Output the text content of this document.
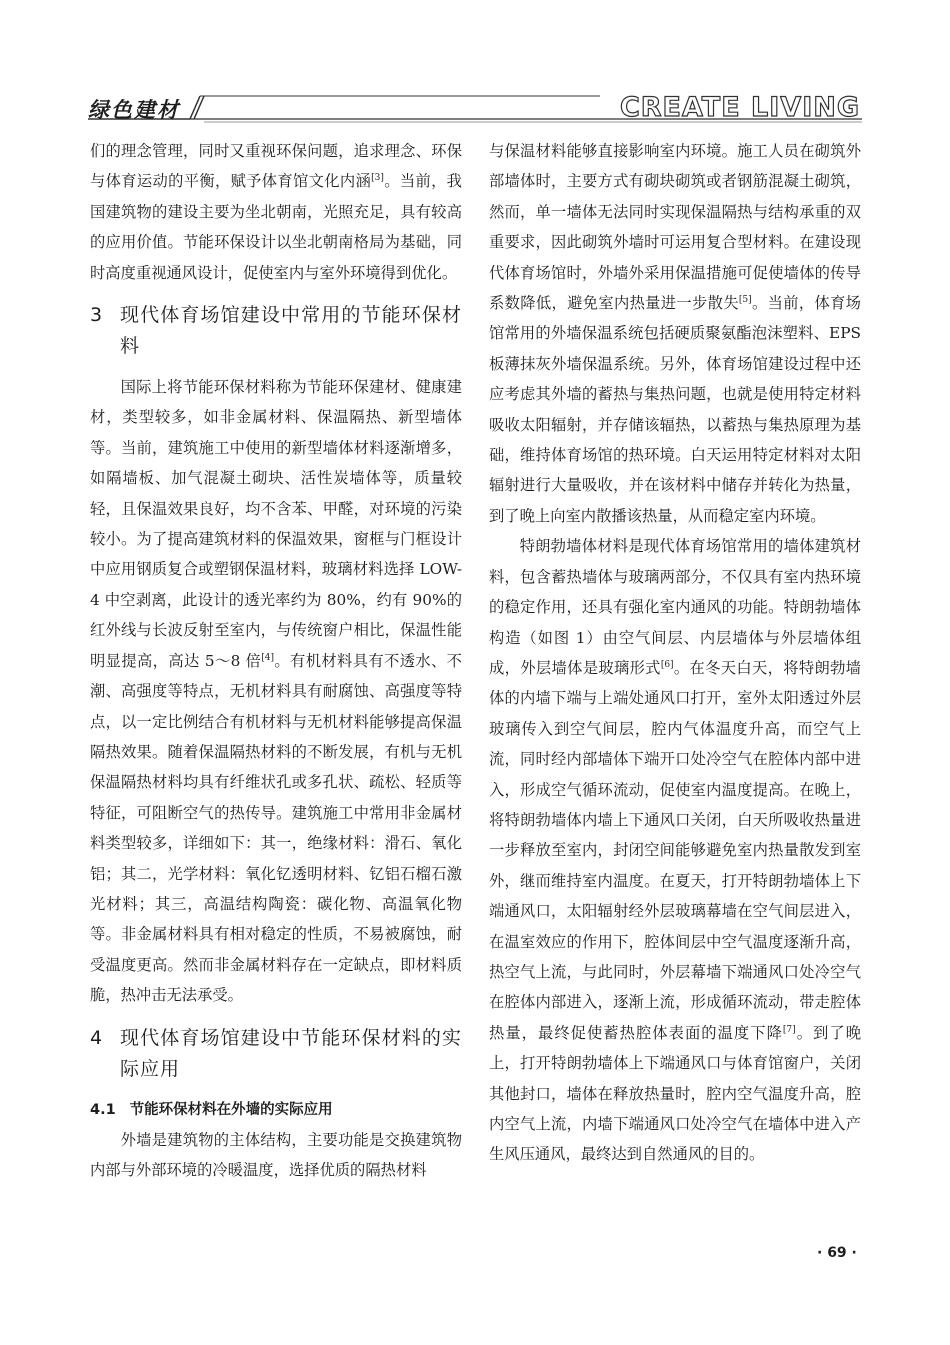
绿色建材	CREATE LIVING

们的理念管理，同时又重视环保问题，追求理念、环保与体育运动的平衡，赋予体育馆文化内涵[3]。当前，我国建筑物的建设主要为坐北朝南，光照充足，具有较高的应用价值。节能环保设计以坐北朝南格局为基础，同时高度重视通风设计，促使室内与室外环境得到优化。

3 现代体育场馆建设中常用的节能环保材料

国际上将节能环保材料称为节能环保建材、健康建材，类型较多，如非金属材料、保温隔热、新型墙体等。当前，建筑施工中使用的新型墙体材料逐渐增多，如隔墙板、加气混凝土砌块、活性炭墙体等，质量较轻，且保温效果良好，均不含苯、甲醛，对环境的污染较小。为了提高建筑材料的保温效果，窗框与门框设计中应用钢质复合或塑钢保温材料，玻璃材料选择 LOW-4 中空剥离，此设计的透光率约为 80%，约有 90%的红外线与长波反射至室内，与传统窗户相比，保温性能明显提高，高达 5～8 倍[4]。有机材料具有不透水、不潮、高强度等特点，无机材料具有耐腐蚀、高强度等特点，以一定比例结合有机材料与无机材料能够提高保温隔热效果。随着保温隔热材料的不断发展，有机与无机保温隔热材料均具有纤维状孔或多孔状、疏松、轻质等特征，可阻断空气的热传导。建筑施工中常用非金属材料类型较多，详细如下：其一，绝缘材料：滑石、氧化铝；其二，光学材料：氧化钇透明材料、钇铝石榴石激光材料；其三，高温结构陶瓷：碳化物、高温氧化物等。非金属材料具有相对稳定的性质，不易被腐蚀，耐受温度更高。然而非金属材料存在一定缺点，即材料质脆，热冲击无法承受。

4 现代体育场馆建设中节能环保材料的实际应用
4.1 节能环保材料在外墙的实际应用

外墙是建筑物的主体结构，主要功能是交换建筑物内部与外部环境的冷暖温度，选择优质的隔热材料

与保温材料能够直接影响室内环境。施工人员在砌筑外部墙体时，主要方式有砌块砌筑或者钢筋混凝土砌筑，然而，单一墙体无法同时实现保温隔热与结构承重的双重要求，因此砌筑外墙时可运用复合型材料。在建设现代体育场馆时，外墙外采用保温措施可促使墙体的传导系数降低，避免室内热量进一步散失[5]。当前，体育场馆常用的外墙保温系统包括硬质聚氨酯泡沫塑料、EPS 板薄抹灰外墙保温系统。另外，体育场馆建设过程中还应考虑其外墙的蓄热与集热问题，也就是使用特定材料吸收太阳辐射，并存储该辐热，以蓄热与集热原理为基础，维持体育场馆的热环境。白天运用特定材料对太阳辐射进行大量吸收，并在该材料中储存并转化为热量，到了晚上向室内散播该热量，从而稳定室内环境。

特朗勃墙体材料是现代体育场馆常用的墙体建筑材料，包含蓄热墙体与玻璃两部分，不仅具有室内热环境的稳定作用，还具有强化室内通风的功能。特朗勃墙体构造（如图 1）由空气间层、内层墙体与外层墙体组成，外层墙体是玻璃形式[6]。在冬天白天，将特朗勃墙体的内墙下端与上端处通风口打开，室外太阳透过外层玻璃传入到空气间层，腔内气体温度升高，而空气上流，同时经内部墙体下端开口处冷空气在腔体内部中进入，形成空气循环流动，促使室内温度提高。在晚上，将特朗勃墙体内墙上下通风口关闭，白天所吸收热量进一步释放至室内，封闭空间能够避免室内热量散发到室外，继而维持室内温度。在夏天，打开特朗勃墙体上下端通风口，太阳辐射经外层玻璃幕墙在空气间层进入，在温室效应的作用下，腔体间层中空气温度逐渐升高，热空气上流，与此同时，外层幕墙下端通风口处冷空气在腔体内部进入，逐渐上流，形成循环流动，带走腔体热量，最终促使蓄热腔体表面的温度下降[7]。到了晚上，打开特朗勃墙体上下端通风口与体育馆窗户，关闭其他封口，墙体在释放热量时，腔内空气温度升高，腔内空气上流，内墙下端通风口处冷空气在墙体中进入产生风压通风，最终达到自然通风的目的。

· 69 ·
